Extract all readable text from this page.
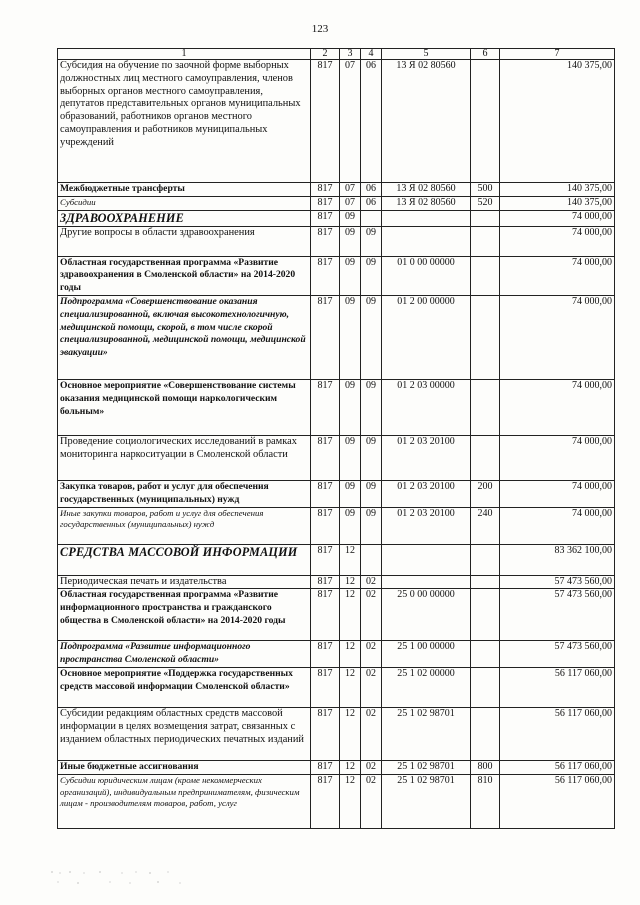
123
1	2	3	4	5	6	7
Субсидия на обучение по заочной форме выборных должностных лиц местного самоуправления, членов выборных органов местного самоуправления, депутатов представительных органов муниципальных образований, работников органов местного самоуправления и работников муниципальных учреждений	817	07	06	13 Я 02 80560		140 375,00
Межбюджетные трансферты	817	07	06	13 Я 02 80560	500	140 375,00
Субсидии	817	07	06	13 Я 02 80560	520	140 375,00
ЗДРАВООХРАНЕНИЕ	817	09				74 000,00
Другие вопросы в области здравоохранения	817	09	09			74 000,00
Областная государственная программа «Развитие здравоохранения в Смоленской области» на 2014-2020 годы	817	09	09	01 0 00 00000		74 000,00
Подпрограмма «Совершенствование оказания специализированной, включая высокотехнологичную, медицинской помощи, скорой, в том числе скорой специализированной, медицинской помощи, медицинской эвакуации»	817	09	09	01 2 00 00000		74 000,00
Основное мероприятие «Совершенствование системы оказания медицинской помощи наркологическим больным»	817	09	09	01 2 03 00000		74 000,00
Проведение социологических исследований в рамках мониторинга наркоситуации в Смоленской области	817	09	09	01 2 03 20100		74 000,00
Закупка товаров, работ и услуг для обеспечения государственных (муниципальных) нужд	817	09	09	01 2 03 20100	200	74 000,00
Иные закупки товаров, работ и услуг для обеспечения государственных (муниципальных) нужд	817	09	09	01 2 03 20100	240	74 000,00
СРЕДСТВА МАССОВОЙ ИНФОРМАЦИИ	817	12				83 362 100,00
Периодическая печать и издательства	817	12	02			57 473 560,00
Областная государственная программа «Развитие информационного пространства и гражданского общества в Смоленской области» на 2014-2020 годы	817	12	02	25 0 00 00000		57 473 560,00
Подпрограмма «Развитие информационного пространства Смоленской области»	817	12	02	25 1 00 00000		57 473 560,00
Основное мероприятие «Поддержка государственных средств массовой информации Смоленской области»	817	12	02	25 1 02 00000		56 117 060,00
Субсидии редакциям областных средств массовой информации в целях возмещения затрат, связанных с изданием областных периодических печатных изданий	817	12	02	25 1 02 98701		56 117 060,00
Иные бюджетные ассигнования	817	12	02	25 1 02 98701	800	56 117 060,00
Субсидии юридическим лицам (кроме некоммерческих организаций), индивидуальным предпринимателям, физическим лицам - производителям товаров, работ, услуг	817	12	02	25 1 02 98701	810	56 117 060,00
